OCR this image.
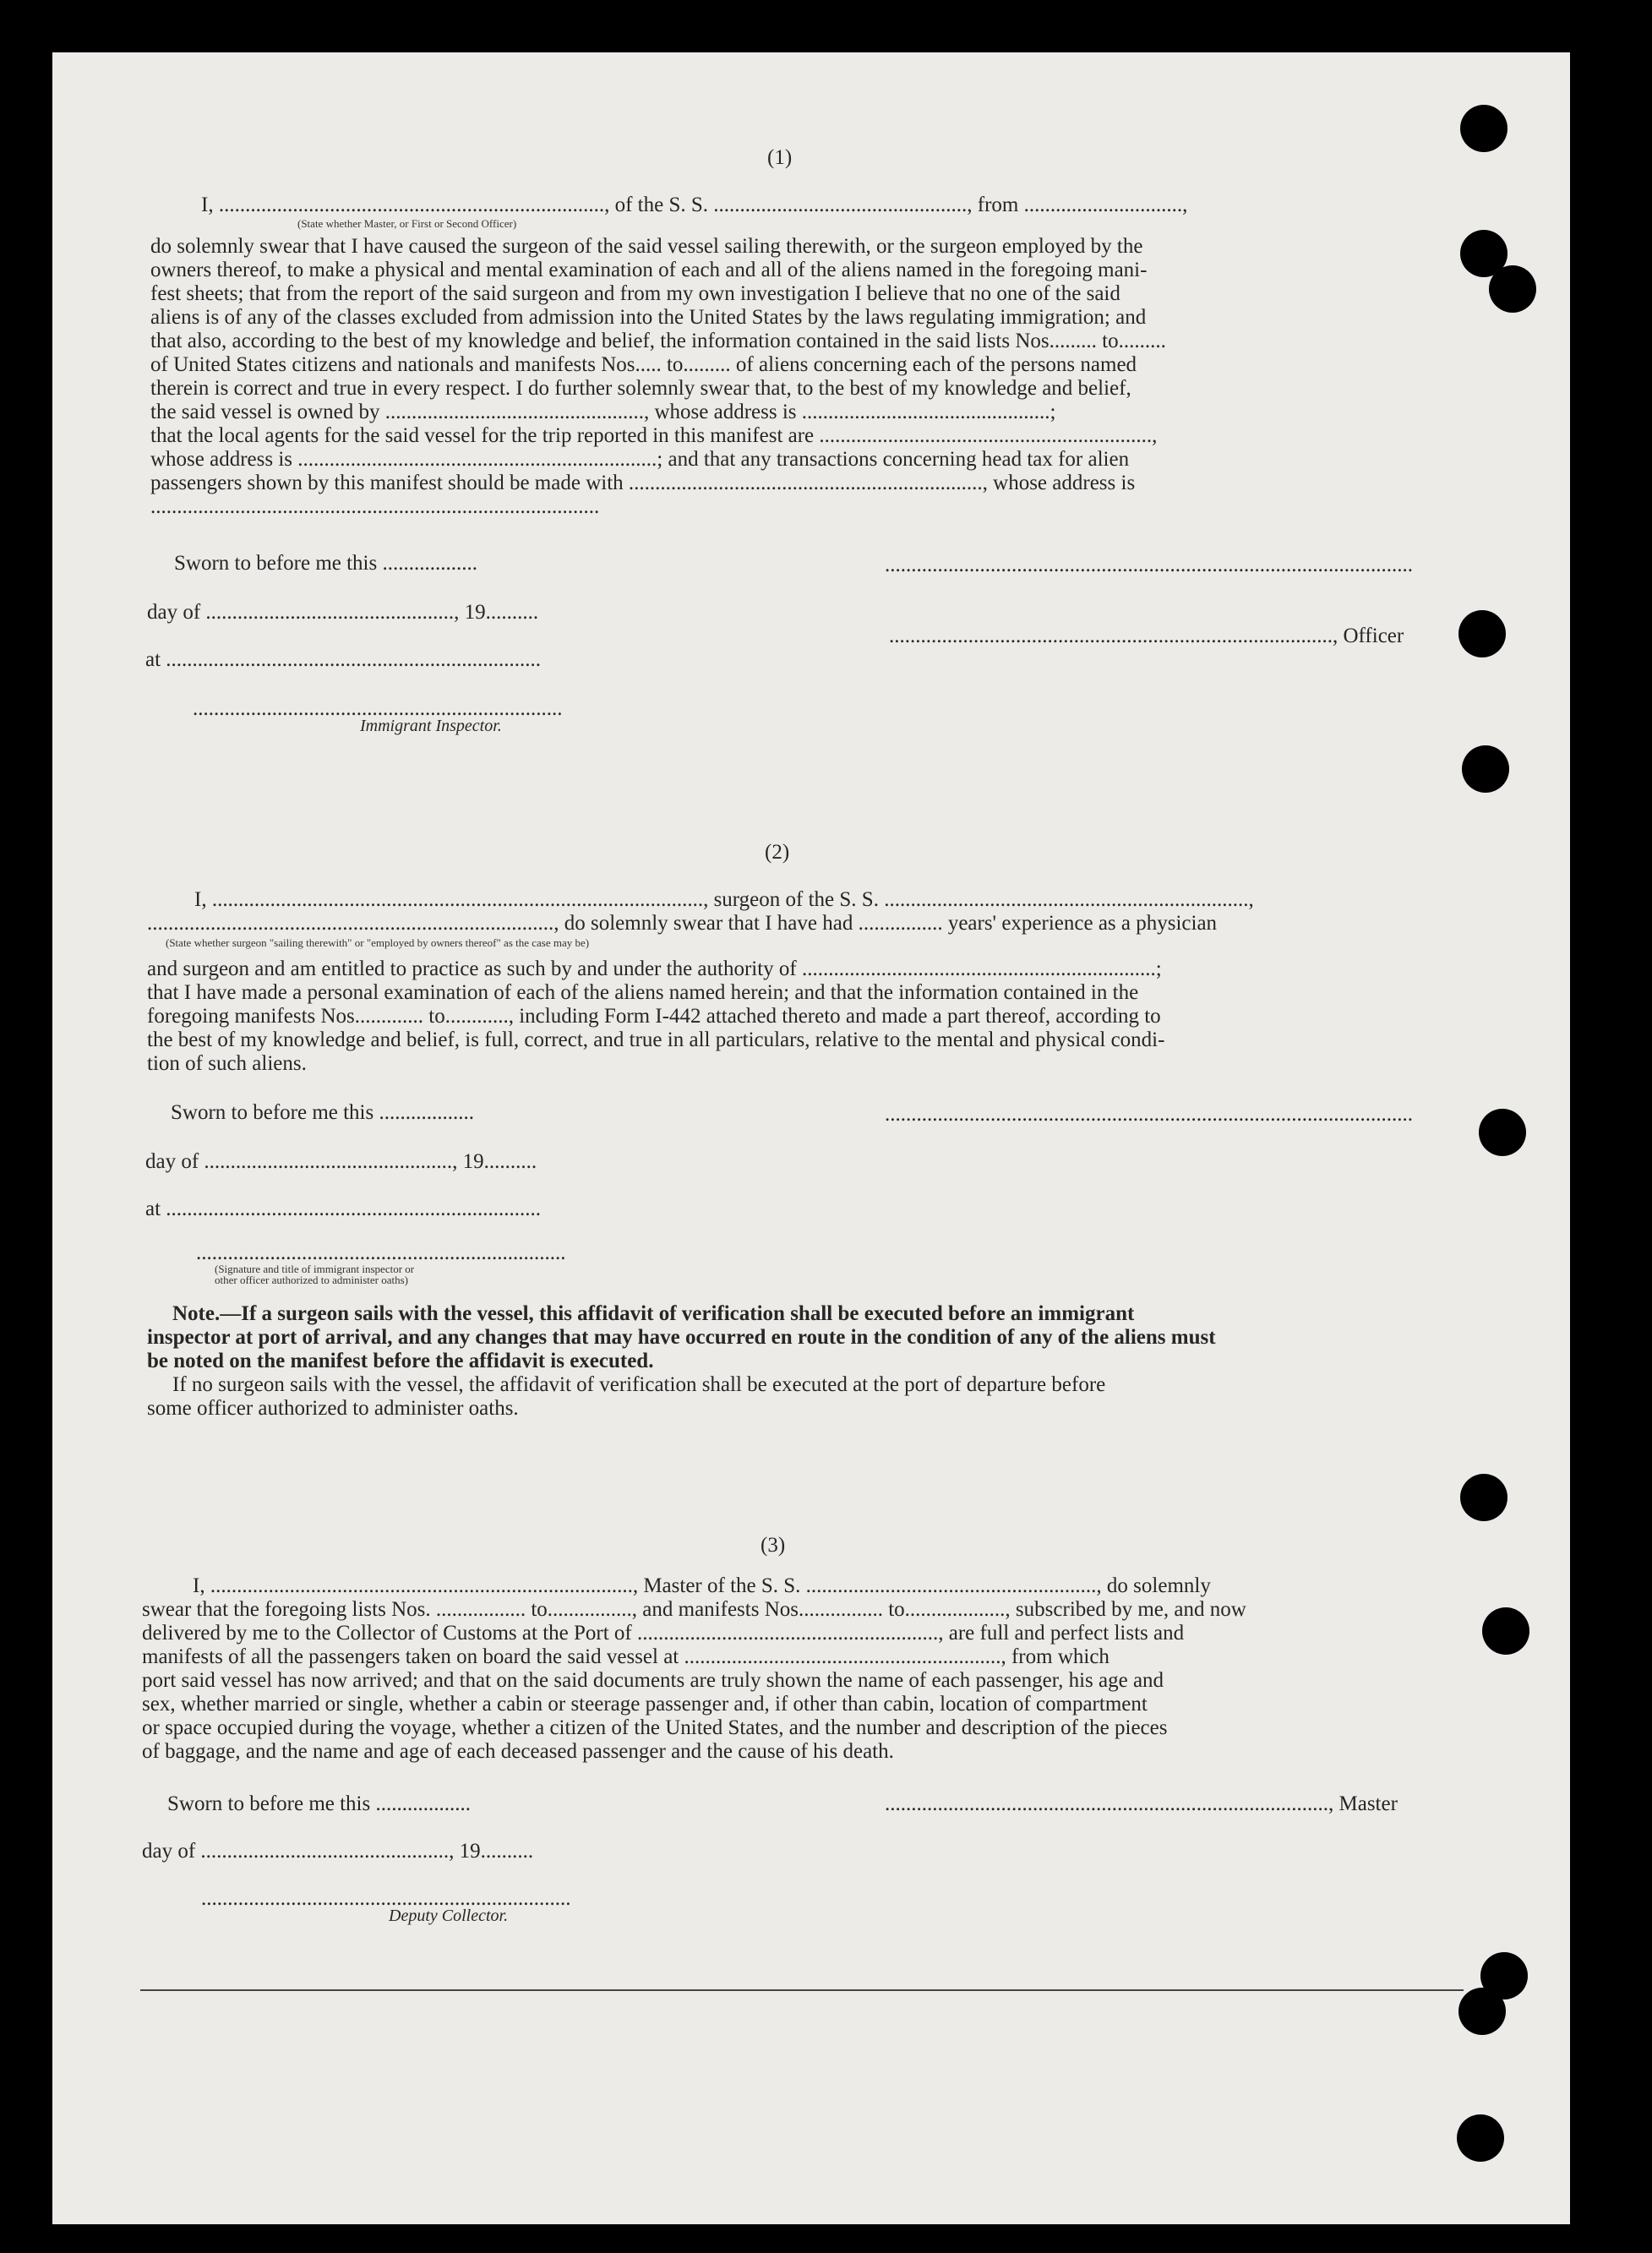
(1)
I, ........................................................................., of the S. S. ................................................, from ..............................,
(State whether Master, or First or Second Officer)
do solemnly swear that I have caused the surgeon of the said vessel sailing therewith, or the surgeon employed by the
owners thereof, to make a physical and mental examination of each and all of the aliens named in the foregoing mani-
fest sheets; that from the report of the said surgeon and from my own investigation I believe that no one of the said
aliens is of any of the classes excluded from admission into the United States by the laws regulating immigration; and
that also, according to the best of my knowledge and belief, the information contained in the said lists Nos......... to.........
of United States citizens and nationals and manifests Nos..... to......... of aliens concerning each of the persons named
therein is correct and true in every respect. I do further solemnly swear that, to the best of my knowledge and belief,
the said vessel is owned by ................................................., whose address is ...............................................;
that the local agents for the said vessel for the trip reported in this manifest are ...............................................................,
whose address is ....................................................................; and that any transactions concerning head tax for alien
passengers shown by this manifest should be made with ..................................................................., whose address is
.....................................................................................
Sworn to before me this ..................
day of ..............................................., 19..........
at .......................................................................
...................................................................................., Officer
....................................................................................................
......................................................................
Immigrant Inspector.
(2)
I, ............................................................................................., surgeon of the S. S. .....................................................................,
............................................................................., do solemnly swear that I have had ................ years' experience as a physician
(State whether surgeon "sailing therewith" or "employed by owners thereof" as the case may be)
and surgeon and am entitled to practice as such by and under the authority of ...................................................................;
that I have made a personal examination of each of the aliens named herein; and that the information contained in the
foregoing manifests Nos............. to............, including Form I-442 attached thereto and made a part thereof, according to
the best of my knowledge and belief, is full, correct, and true in all particulars, relative to the mental and physical condi-
tion of such aliens.
Sworn to before me this ..................	....................................................................................................
day of ..............................................., 19..........
at .......................................................................
......................................................................
(Signature and title of immigrant inspector or
other officer authorized to administer oaths)
Note.—If a surgeon sails with the vessel, this affidavit of verification shall be executed before an immigrant
inspector at port of arrival, and any changes that may have occurred en route in the condition of any of the aliens must
be noted on the manifest before the affidavit is executed.
If no surgeon sails with the vessel, the affidavit of verification shall be executed at the port of departure before
some officer authorized to administer oaths.
(3)
I, ................................................................................, Master of the S. S. ......................................................., do solemnly
swear that the foregoing lists Nos. ................. to................, and manifests Nos................ to..................., subscribed by me, and now
delivered by me to the Collector of Customs at the Port of ........................................................., are full and perfect lists and
manifests of all the passengers taken on board the said vessel at ............................................................, from which
port said vessel has now arrived; and that on the said documents are truly shown the name of each passenger, his age and
sex, whether married or single, whether a cabin or steerage passenger and, if other than cabin, location of compartment
or space occupied during the voyage, whether a citizen of the United States, and the number and description of the pieces
of baggage, and the name and age of each deceased passenger and the cause of his death.
Sworn to before me this ..................	...................................................................................., Master
day of ..............................................., 19..........
......................................................................
Deputy Collector.
